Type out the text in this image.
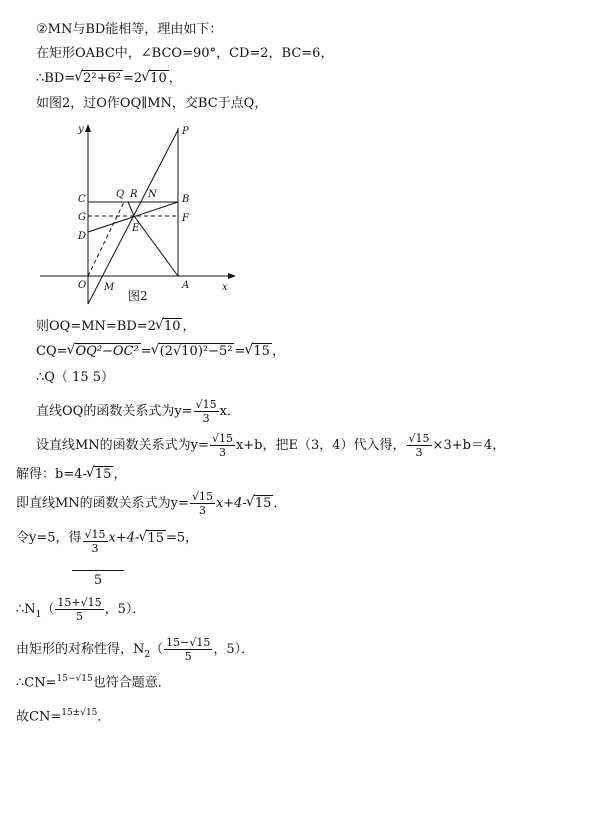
②MN与BD能相等，理由如下：
在矩形OABC中，∠BCO=90°，CD=2，BC=6，
∴BD=√ 2²+6² =2√ 10 ，
如图2，过O作OQ∥MN，交BC于点Q，
y
x
O	A
B
C
D
E
F
G
P
Q R N
M
图2
则OQ=MN=BD=2√ 10 ，
CQ=√ OQ²−OC² =√ (2√10)²−5² =√ 15 ，
∴Q（ 15 5）
直线OQ的函数关系式为$y= \frac{√15}{3}$ x．
设直线MN的函数关系式为$y= \frac{√15}{3} x+b$，把E（3，4）代入得， $\frac{√15}{3} \times 3+b=4$，
解得：b=4-√ 15 ，
即直线MN的函数关系式为$y= \frac{√15}{3} x+4-√$ 15 ．
令y=5，得 $\frac{√15}{3} x+4-√$ 15 =5，
5
$\therefore N_1( \frac{15+√15}{5}$ ，5）．
由矩形的对称性得，$N_2( \frac{15-√15}{5}$ ，5）．
∴CN=$^{15-√15}$也符合题意．
故CN=$^{15\pm√15}$．
